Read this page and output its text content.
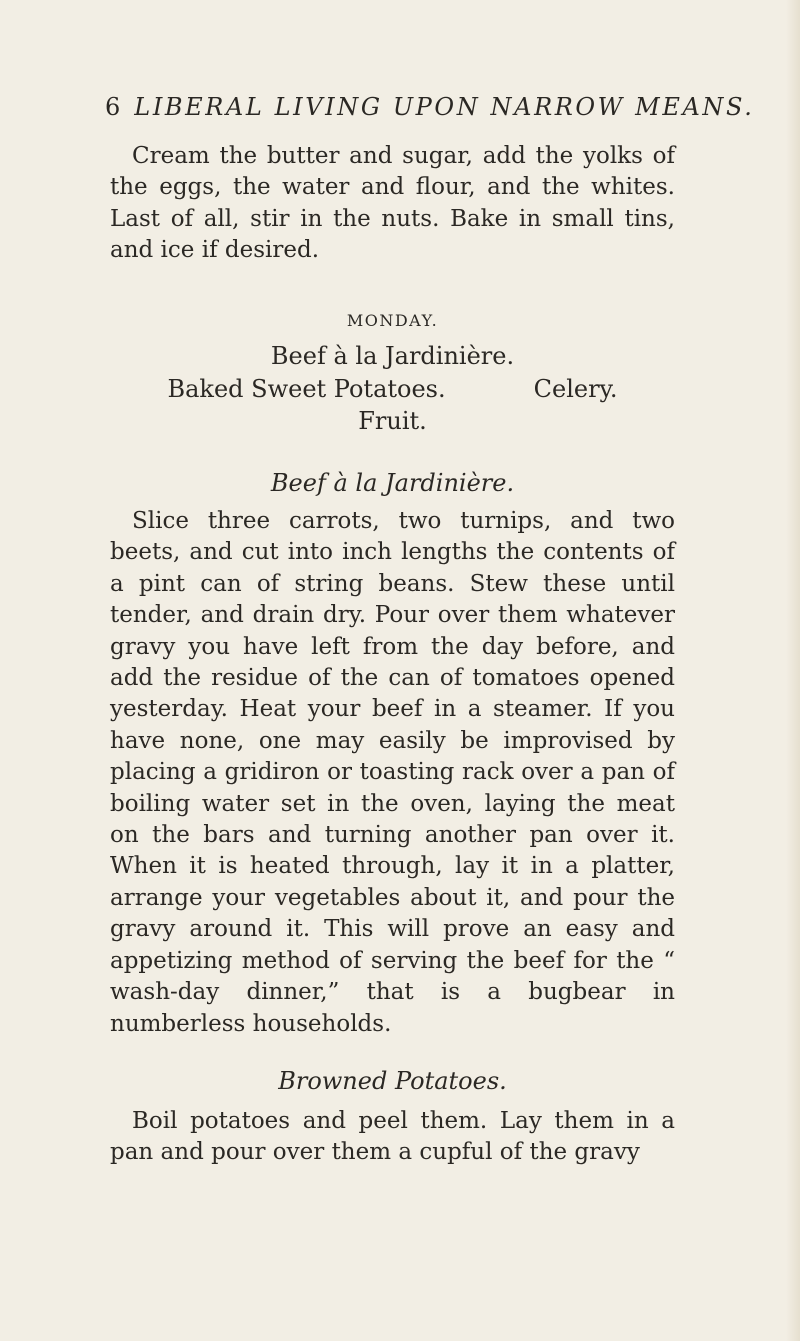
6 LIBERAL LIVING UPON NARROW MEANS.

Cream the butter and sugar, add the yolks of the eggs, the water and flour, and the whites. Last of all, stir in the nuts. Bake in small tins, and ice if desired.

MONDAY.
Beef à la Jardinière.
Baked Sweet Potatoes.	Celery.
Fruit.
Beef à la Jardinière.

Slice three carrots, two turnips, and two beets, and cut into inch lengths the contents of a pint can of string beans. Stew these until tender, and drain dry. Pour over them whatever gravy you have left from the day before, and add the residue of the can of tomatoes opened yesterday. Heat your beef in a steamer. If you have none, one may easily be improvised by placing a gridiron or toasting rack over a pan of boiling water set in the oven, laying the meat on the bars and turning another pan over it. When it is heated through, lay it in a platter, arrange your vegetables about it, and pour the gravy around it. This will prove an easy and appetizing method of serving the beef for the “ wash-day dinner,” that is a bugbear in numberless households.

Browned Potatoes.

Boil potatoes and peel them. Lay them in a pan and pour over them a cupful of the gravy
